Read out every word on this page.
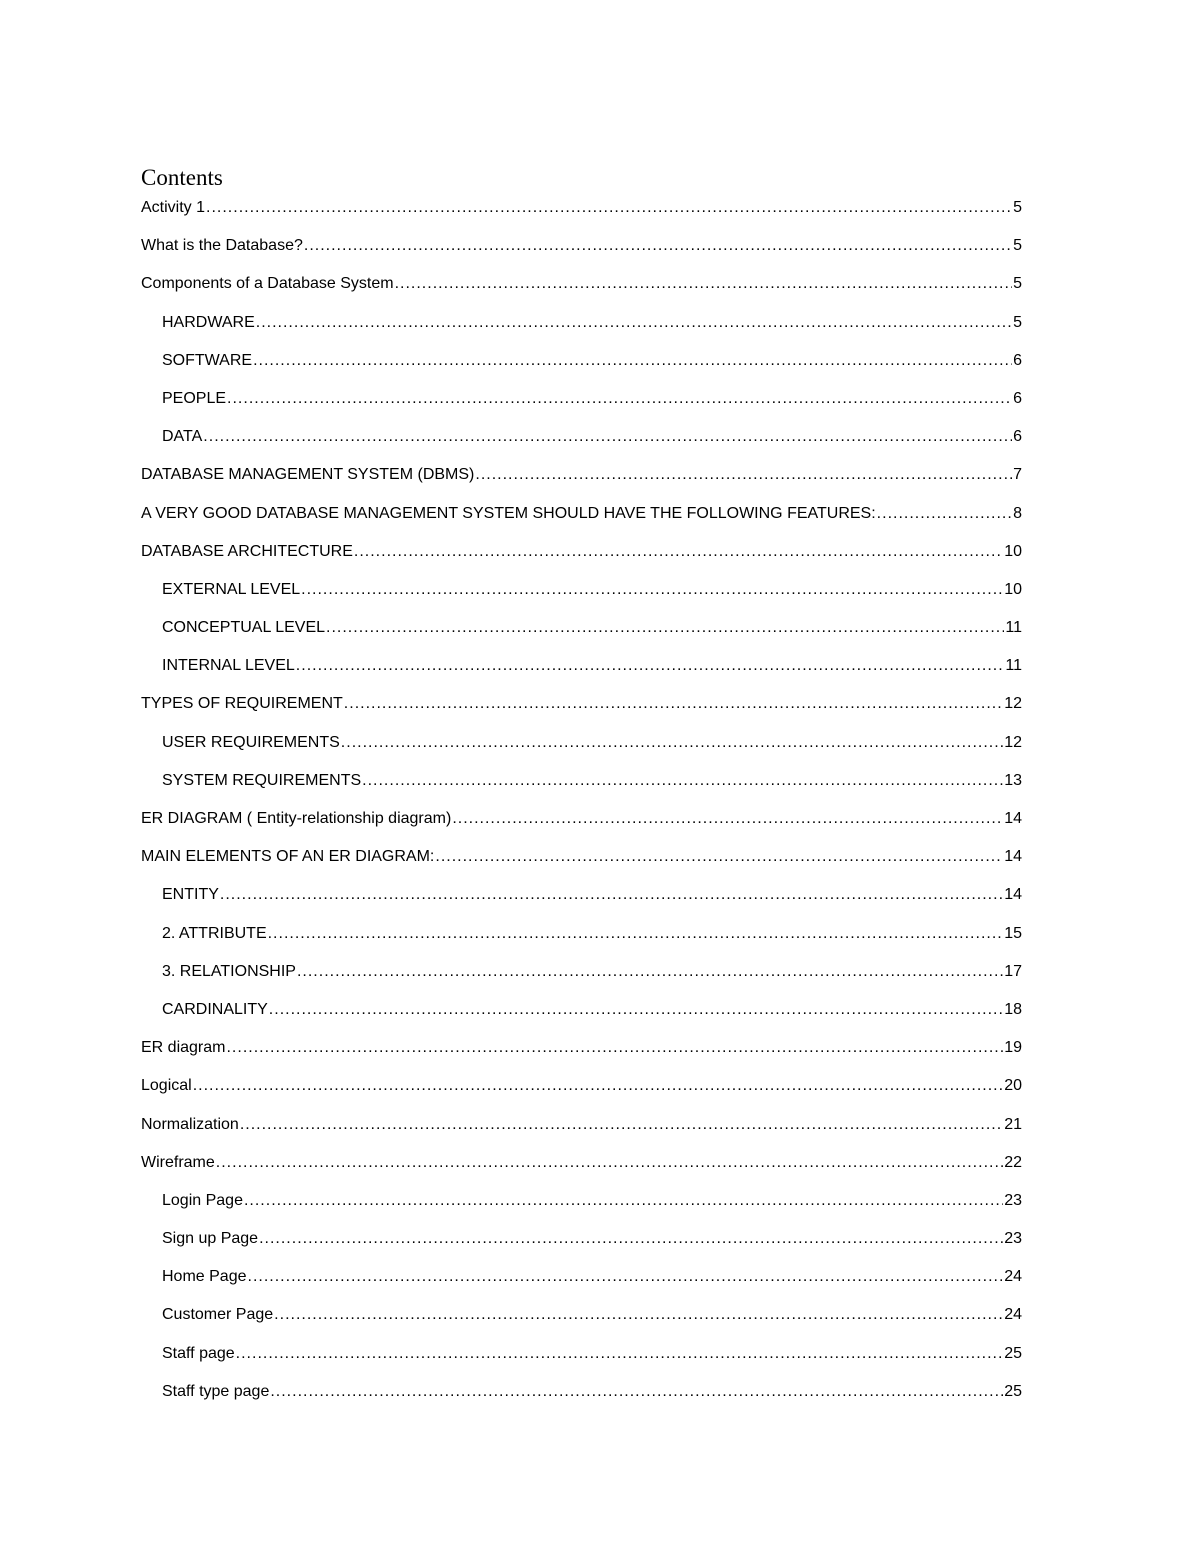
Contents
Activity 1 .....	5
What is the Database? .....	5
Components of a Database System .....	5
HARDWARE .....	5
SOFTWARE .....	6
PEOPLE .....	6
DATA .....	6
DATABASE MANAGEMENT SYSTEM (DBMS) .....	7
A VERY GOOD DATABASE MANAGEMENT SYSTEM SHOULD HAVE THE FOLLOWING FEATURES: .....	8
DATABASE ARCHITECTURE .....	10
EXTERNAL LEVEL .....	10
CONCEPTUAL LEVEL .....	11
INTERNAL LEVEL .....	11
TYPES OF REQUIREMENT .....	12
USER REQUIREMENTS .....	12
SYSTEM REQUIREMENTS .....	13
ER DIAGRAM ( Entity-relationship diagram) .....	14
MAIN ELEMENTS OF AN ER DIAGRAM: .....	14
ENTITY .....	14
2. ATTRIBUTE .....	15
3. RELATIONSHIP .....	17
CARDINALITY .....	18
ER diagram .....	19
Logical .....	20
Normalization .....	21
Wireframe .....	22
Login Page .....	23
Sign up Page .....	23
Home Page .....	24
Customer Page .....	24
Staff page .....	25
Staff type page .....	25
